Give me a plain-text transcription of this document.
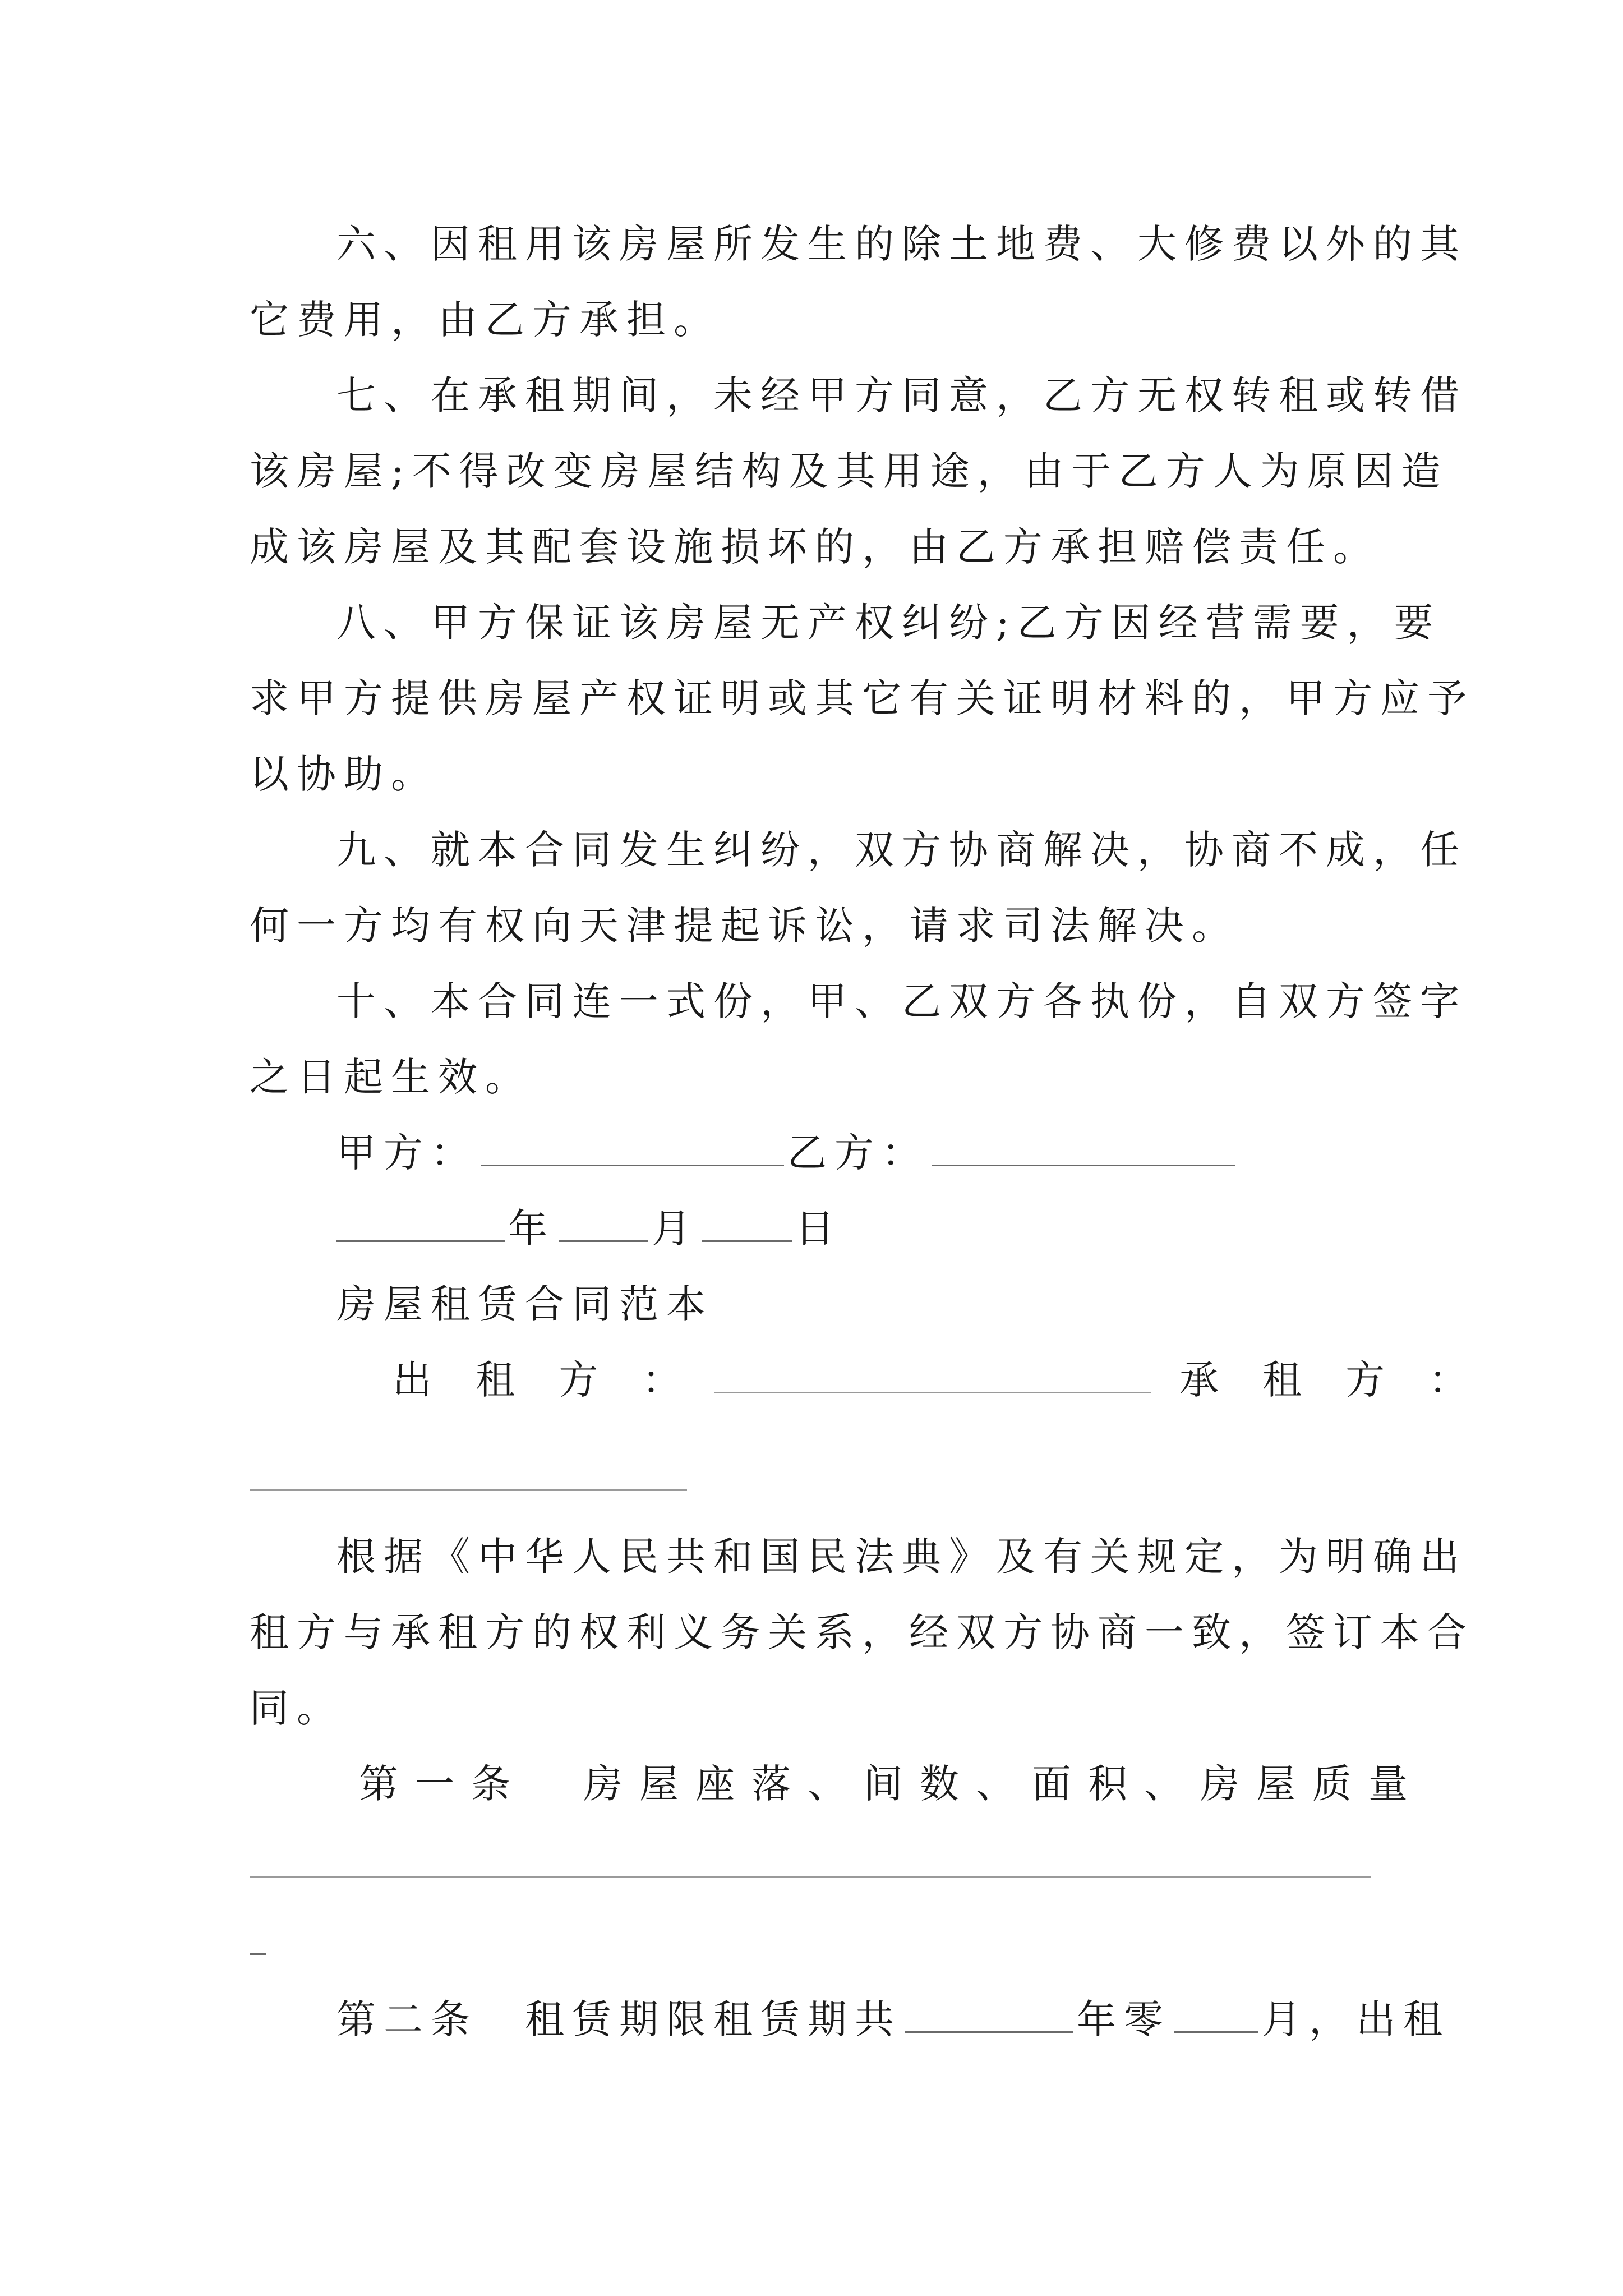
六、因租用该房屋所发生的除土地费、大修费以外的其
它费用，由乙方承担。
七、在承租期间，未经甲方同意，乙方无权转租或转借
该房屋;不得改变房屋结构及其用途，由于乙方人为原因造
成该房屋及其配套设施损坏的，由乙方承担赔偿责任。
八、甲方保证该房屋无产权纠纷;乙方因经营需要，要
求甲方提供房屋产权证明或其它有关证明材料的，甲方应予
以协助。
九、就本合同发生纠纷，双方协商解决，协商不成，任
何一方均有权向天津提起诉讼，请求司法解决。
十、本合同连一式份，甲、乙双方各执份，自双方签字
之日起生效。
甲方：	乙方：
年 月 日
房屋租赁合同范本
出 租 方 ：	承 租 方 ：
根据《中华人民共和国民法典》及有关规定，为明确出
租方与承租方的权利义务关系，经双方协商一致，签订本合
同。
第一条　房屋座落、间数、面积、房屋质量
第二条　租赁期限租赁期共	年零 月，出租
